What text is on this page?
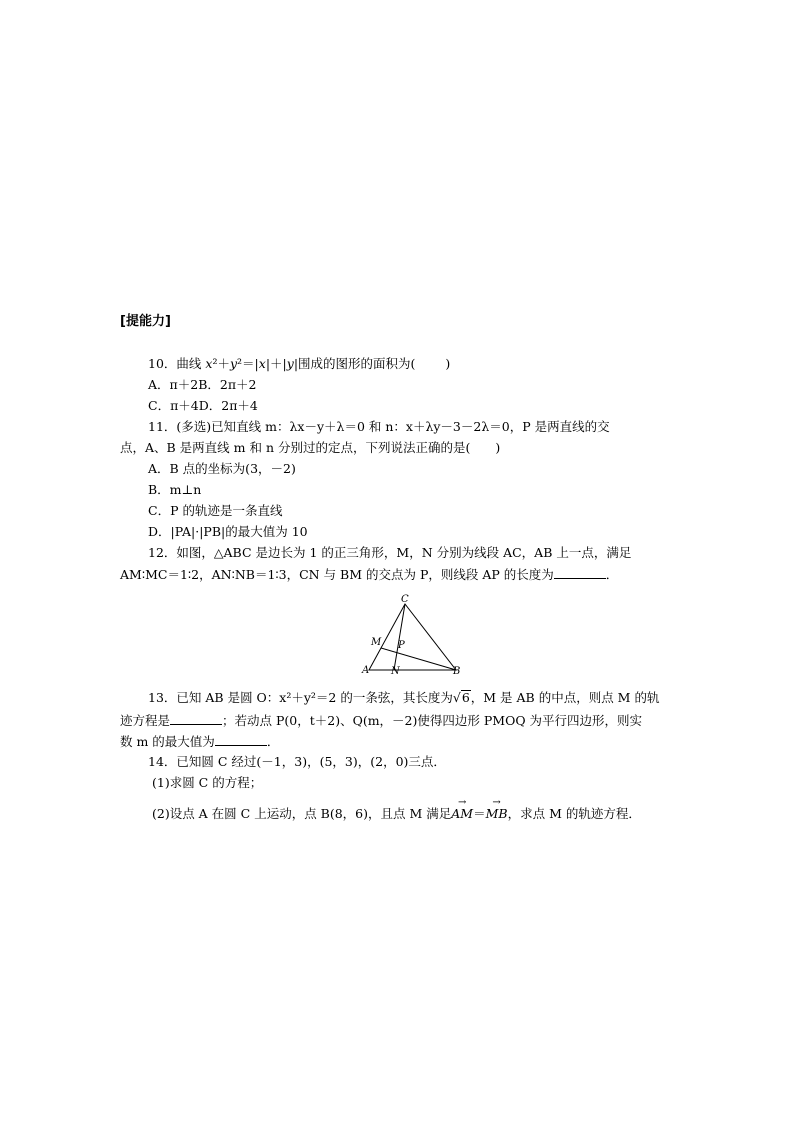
[提能力]
10．曲线 x²＋y²＝|x|＋|y|围成的图形的面积为( )
A．π＋2B．2π＋2
C．π＋4D．2π＋4
11．(多选)已知直线 m：λx－y＋λ＝0 和 n：x＋λy－3－2λ＝0，P 是两直线的交
点，A、B 是两直线 m 和 n 分别过的定点，下列说法正确的是(　　)
A．B 点的坐标为(3，－2)
B．m⊥n
C．P 的轨迹是一条直线
D．|PA|·|PB|的最大值为 10
12．如图，△ABC 是边长为 1 的正三角形，M，N 分别为线段 AC，AB 上一点，满足
AM∶MC＝1∶2，AN∶NB＝1∶3，CN 与 BM 的交点为 P，则线段 AP 的长度为	．
C
M P
A N	B
13．已知 AB 是圆 O：x²＋y²＝2 的一条弦，其长度为√6，M 是 AB 的中点，则点 M 的轨
迹方程是	；若动点 P(0，t＋2)、Q(m，－2)使得四边形 PMOQ 为平行四边形，则实
数 m 的最大值为	．
14．已知圆 C 经过(－1，3)，(5，3)，(2，0)三点．
(1)求圆 C 的方程；
(2)设点 A 在圆 C 上运动，点 B(8，6)，且点 M 满足→ AM＝→ MB，求点 M 的轨迹方程．
